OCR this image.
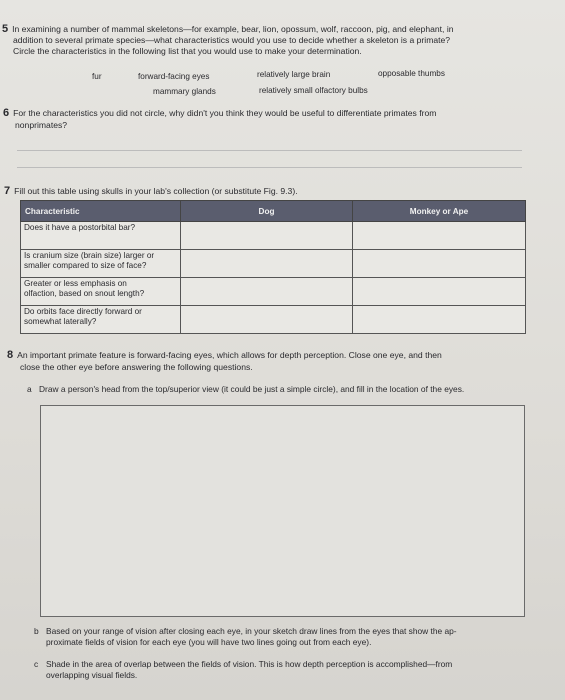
5 In examining a number of mammal skeletons—for example, bear, lion, opossum, wolf, raccoon, pig, and elephant, in
addition to several primate species—what characteristics would you use to decide whether a skeleton is a primate?
Circle the characteristics in the following list that you would use to make your determination.
fur	forward-facing eyes	relatively large brain	opposable thumbs
mammary glands	relatively small olfactory bulbs
6 For the characteristics you did not circle, why didn't you think they would be useful to differentiate primates from
nonprimates?
7 Fill out this table using skulls in your lab's collection (or substitute Fig. 9.3).
Characteristic	Dog	Monkey or Ape
Does it have a postorbital bar?		
Is cranium size (brain size) larger or
smaller compared to size of face?		
Greater or less emphasis on
olfaction, based on snout length?		
Do orbits face directly forward or
somewhat laterally?		
8 An important primate feature is forward-facing eyes, which allows for depth perception. Close one eye, and then
close the other eye before answering the following questions.
a Draw a person's head from the top/superior view (it could be just a simple circle), and fill in the location of the eyes.
b Based on your range of vision after closing each eye, in your sketch draw lines from the eyes that show the ap-
proximate fields of vision for each eye (you will have two lines going out from each eye).
c Shade in the area of overlap between the fields of vision. This is how depth perception is accomplished—from
overlapping visual fields.
